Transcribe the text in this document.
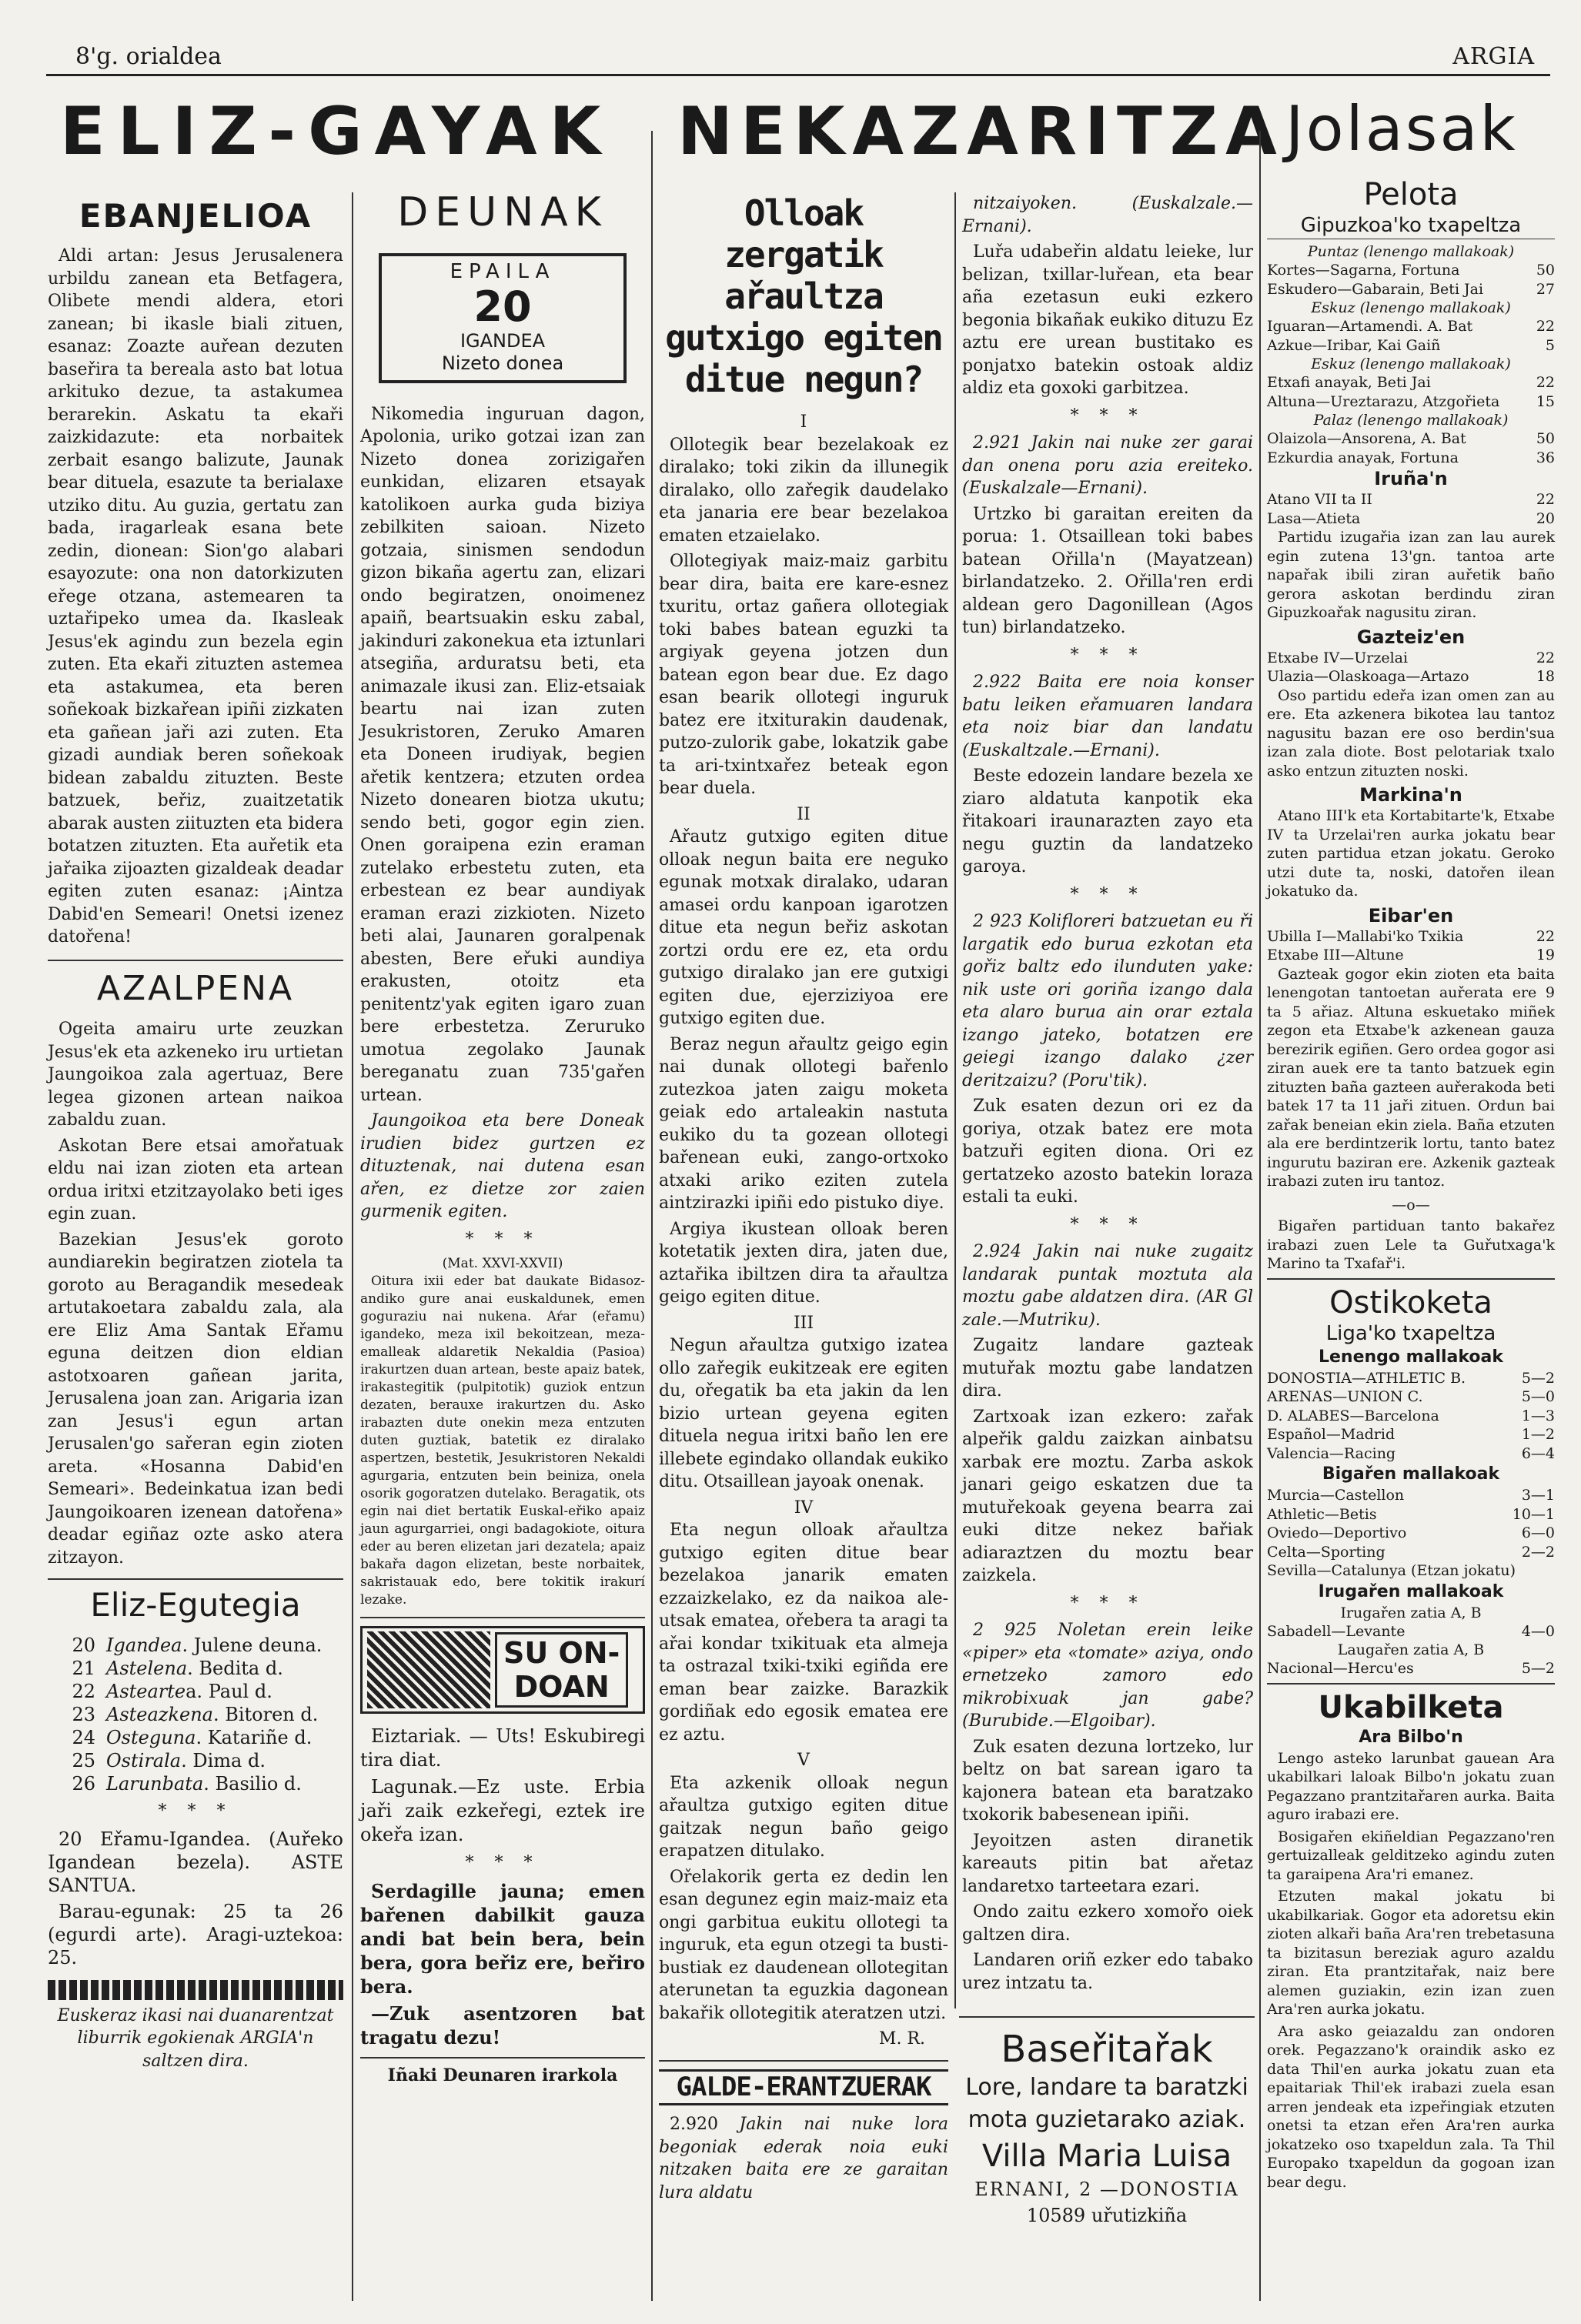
8'g. orialdea	ARGIA
ELIZ-GAYAK NEKAZARITZA Jolasak
EBANJELIOA

Aldi artan: Jesus Jerusalenera urbildu zanean eta Betfagera, Olibete mendi aldera, etori zanean; bi ikasle biali zituen, esanaz: Zoazte auřean dezuten baseřira ta bereala asto bat lotua arkituko dezue, ta astakumea berarekin. Askatu ta ekaři zaizkidazute: eta norbaitek zerbait esango balizute, Jaunak bear dituela, esazute ta berialaxe utziko ditu. Au guzia, gertatu zan bada, iragarleak esana bete zedin, dionean: Sion'go alabari esayozute: ona non datorkizuten eřege otzana, astemearen ta uztařipeko umea da. Ikasleak Jesus'ek agindu zun bezela egin zuten. Eta ekaři zituzten astemea eta astakumea, eta beren soñekoak bizkařean ipiñi zizkaten eta gañean jaři azi zuten. Eta gizadi aundiak beren soñekoak bidean zabaldu zituzten. Beste batzuek, beřiz, zuaitzetatik abarak austen ziituzten eta bidera botatzen zituzten. Eta auřetik eta jařaika zijoazten gizaldeak deadar egiten zuten esanaz: ¡Aintza Dabid'en Semeari! Onetsi izenez datořena!

AZALPENA

Ogeita amairu urte zeuzkan Jesus'ek eta azkeneko iru urtietan Jaungoikoa zala agertuaz, Bere legea gizonen artean naikoa zabaldu zuan.

Askotan Bere etsai amořatuak eldu nai izan zioten eta artean ordua iritxi etzitzayolako beti iges egin zuan.

Bazekian Jesus'ek goroto aundiarekin begiratzen ziotela ta goroto au Beragandik mesedeak artutakoetara zabaldu zala, ala ere Eliz Ama Santak Eřamu eguna deitzen dion eldian astotxoaren gañean jarita, Jerusalena joan zan. Arigaria izan zan Jesus'i egun artan Jerusalen'go sařeran egin zioten areta. «Hosanna Dabid'en Semeari». Bedeinkatua izan bedi Jaungoikoaren izenean datořena» deadar egiñaz ozte asko atera zitzayon.

Eliz-Egutegia
20 Igandea . Julene deuna.
21 Astelena . Bedita d.
22 Astearte a. Paul d.
23 Asteazkena . Bitoren d.
24 Osteguna . Katariñe d.
25 Ostirala . Dima d.
26 Larunbata . Basilio d.
* * *

20 Eřamu-Igandea. (Auřeko Igandean bezela). ASTE SANTUA.

Barau-egunak: 25 ta 26 (egurdi arte). Aragi-uztekoa: 25.

Euskeraz ikasi nai duanarentzat liburrik egokienak ARGIA'n saltzen dira.

DEUNAK
EPAILA
20
IGANDEA
Nizeto donea

Nikomedia inguruan dagon, Apolonia, uriko gotzai izan zan Nizeto donea zorizigařen eunkidan, elizaren etsayak katolikoen aurka guda biziya zebilkiten saioan. Nizeto gotzaia, sinismen sendodun gizon bikaña agertu zan, elizari ondo begiratzen, onoimenez apaiñ, beartsuakin esku zabal, jakinduri zakonekua eta iztunlari atsegiña, arduratsu beti, eta animazale ikusi zan. Eliz-etsaiak beartu nai izan zuten Jesukristoren, Zeruko Amaren eta Doneen irudiyak, begien ařetik kentzera; etzuten ordea Nizeto donearen biotza ukutu; sendo beti, gogor egin zien. Onen goraipena ezin eraman zutelako erbestetu zuten, eta erbestean ez bear aundiyak eraman erazi zizkioten. Nizeto beti alai, Jaunaren goralpenak abesten, Bere eřuki aundiya erakusten, otoitz eta penitentz'yak egiten igaro zuan bere erbestetza. Zeruruko umotua zegolako Jaunak bereganatu zuan 735'gařen urtean.

Jaungoikoa eta bere Doneak irudien bidez gurtzen ez dituztenak, nai dutena esan ařen, ez dietze zor zaien gurmenik egiten.

* * *
(Mat. XXVI-XXVII)

Oitura ixii eder bat daukate Bidasoz-andiko gure anai euskaldunek, emen goguraziu nai nukena. Aŕar (eřamu) igandeko, meza ixil bekoitzean, meza-emalleak aldaretik Nekaldia (Pasioa) irakurtzen duan artean, beste apaiz batek, irakastegitik (pulpitotik) guziok entzun dezaten, berauxe irakurtzen du. Asko irabazten dute onekin meza entzuten duten guztiak, batetik ez diralako aspertzen, bestetik, Jesukristoren Nekaldi agurgaria, entzuten bein beiniza, onela osorik gogoratzen dutelako. Beragatik, ots egin nai diet bertatik Euskal-eřiko apaiz jaun agurgarriei, ongi badagokiote, oitura eder au beren elizetan jari dezatela; apaiz bakařa dagon elizetan, beste norbaitek, sakristauak edo, bere tokitik irakurí lezake.

SU ON-
DOAN

Eiztariak. — Uts! Eskubiregi tira diat.

Lagunak.—Ez uste. Erbia jaři zaik ezkeřegi, eztek ire okeřa izan.

* * *

Serdagille jauna; emen bařenen dabilkit gauza andi bat bein bera, bein bera, gora beřiz ere, beřiro bera.

—Zuk asentzoren bat tragatu dezu!

Iñaki Deunaren irarkola
Olloak zergatik ařaultza gutxigo egiten ditue negun?
I

Ollotegik bear bezelakoak ez diralako; toki zikin da illunegik diralako, ollo zařegik daudelako eta janaria ere bear bezelakoa ematen etzaielako.

Ollotegiyak maiz-maiz garbitu bear dira, baita ere kare-esnez txuritu, ortaz gañera ollotegiak toki babes batean eguzki ta argiyak geyena jotzen dun batean egon bear due. Ez dago esan bearik ollotegi inguruk batez ere itxiturakin daudenak, putzo-zulorik gabe, lokatzik gabe ta ari-txintxařez beteak egon bear duela.

II

Ařautz gutxigo egiten ditue olloak negun baita ere neguko egunak motxak diralako, udaran amasei ordu kanpoan igarotzen ditue eta negun beřiz askotan zortzi ordu ere ez, eta ordu gutxigo diralako jan ere gutxigi egiten due, ejerziziyoa ere gutxigo egiten due.

Beraz negun ařaultz geigo egin nai dunak ollotegi bařenlo zutezkoa jaten zaigu moketa geiak edo artaleakin nastuta eukiko du ta gozean ollotegi bařenean euki, zango-ortxoko atxaki ariko eziten zutela aintzirazki ipiñi edo pistuko diye.

Argiya ikustean olloak beren kotetatik jexten dira, jaten due, aztařika ibiltzen dira ta ařaultza geigo egiten ditue.

III

Negun ařaultza gutxigo izatea ollo zařegik eukitzeak ere egiten du, ořegatik ba eta jakin da len bizio urtean geyena egiten dituela negua iritxi baño len ere illebete egindako ollandak eukiko ditu. Otsaillean jayoak onenak.

IV

Eta negun olloak ařaultza gutxigo egiten ditue bear bezelakoa janarik ematen ezzaizkelako, ez da naikoa ale-utsak ematea, ořebera ta aragi ta ařai kondar txikituak eta almeja ta ostrazal txiki-txiki egiñda ere eman bear zaizke. Barazkik gordiñak edo egosik ematea ere ez aztu.

V

Eta azkenik olloak negun ařaultza gutxigo egiten ditue gaitzak negun baño geigo erapatzen ditulako.

Ořelakorik gerta ez dedin len esan degunez egin maiz-maiz eta ongi garbitua eukitu ollotegi ta inguruk, eta egun otzegi ta busti-bustiak ez daudenean ollotegitan aterunetan ta eguzkia dagonean bakařik ollotegitik ateratzen utzi.

M. R.
GALDE-ERANTZUERAK

2.920 Jakin nai nuke lora begoniak ederak noia euki nitzaken baita ere ze garaitan lura aldatu

nitzaiyoken. (Euskalzale.—Ernani).

Luřa udabeřin aldatu leieke, lur belizan, txillar-luřean, eta bear aña ezetasun euki ezkero begonia bikañak eukiko dituzu Ez aztu ere urean bustitako es ponjatxo batekin ostoak aldiz aldiz eta goxoki garbitzea.

* * *

2.921 Jakin nai nuke zer garai dan onena poru azia ereiteko. (Euskalzale—Ernani).

Urtzko bi garaitan ereiten da porua: 1. Otsaillean toki babes batean Ořilla'n (Mayatzean) birlandatzeko. 2. Ořilla'ren erdi aldean gero Dagonillean (Agos tun) birlandatzeko.

* * *

2.922 Baita ere noia konser batu leiken eřamuaren landara eta noiz biar dan landatu (Euskaltzale.—Ernani).

Beste edozein landare bezela xe ziaro aldatuta kanpotik eka řitakoari iraunarazten zayo eta negu guztin da landatzeko garoya.

* * *

2 923 Kolifloreri batzuetan eu ři largatik edo burua ezkotan eta gořiz baltz edo ilunduten yake: nik uste ori goriña izango dala eta alaro burua ain orar eztala izango jateko, botatzen ere geiegi izango dalako ¿zer deritzaizu? (Poru'tik).

Zuk esaten dezun ori ez da goriya, otzak batez ere mota batzuři egiten diona. Ori ez gertatzeko azosto batekin loraza estali ta euki.

* * *

2.924 Jakin nai nuke zugaitz landarak puntak moztuta ala moztu gabe aldatzen dira. (AR Gl zale.—Mutriku).

Zugaitz landare gazteak mutuřak moztu gabe landatzen dira.

Zartxoak izan ezkero: zařak alpeřik galdu zaizkan ainbatsu xarbak ere moztu. Zarba askok janari geigo eskatzen due ta mutuřekoak geyena bearra zai euki ditze nekez bařiak adiaraztzen du moztu bear zaizkela.

* * *

2 925 Noletan erein leike «piper» eta «tomate» aziya, ondo ernetzeko zamoro edo mikrobixuak jan gabe? (Burubide.—Elgoibar).

Zuk esaten dezuna lortzeko, lur beltz on bat sarean igaro ta kajonera batean eta baratzako txokorik babesenean ipiñi.

Jeyoitzen asten diranetik kareauts pitin bat ařetaz landaretxo tarteetara ezari.

Ondo zaitu ezkero xomořo oiek galtzen dira.

Landaren oriñ ezker edo tabako urez intzatu ta.

Baseřitařak
Lore, landare ta baratzki
mota guzietarako aziak.
Villa Maria Luisa
ERNANI, 2 —DONOSTIA
10589 uřutizkiña
Pelota
Gipuzkoa'ko txapeltza
Puntaz (lenengo mallakoak)
Kortes—Sagarna, Fortuna	50
Eskudero—Gabarain, Beti Jai	27
Eskuz (lenengo mallakoak)
Iguaran—Artamendi. A. Bat	22
Azkue—Iribar, Kai Gaiñ	5
Eskuz (lenengo mallakoak)
Etxafi anayak, Beti Jai	22
Altuna—Ureztarazu, Atzgořieta	15
Palaz (lenengo mallakoak)
Olaizola—Ansorena, A. Bat	50
Ezkurdia anayak, Fortuna	36
Iruña'n
Atano VII ta II	22
Lasa—Atieta	20

Partidu izugařia izan zan lau aurek egin zutena 13'gn. tantoa arte napařak ibili ziran auřetik baño gerora askotan berdindu ziran Gipuzkoařak nagusitu ziran.

Gazteiz'en
Etxabe IV—Urzelai	22
Ulazia—Olaskoaga—Artazo	18

Oso partidu edeřa izan omen zan au ere. Eta azkenera bikotea lau tantoz nagusitu bazan ere oso berdin'sua izan zala diote. Bost pelotariak txalo asko entzun zituzten noski.

Markina'n

Atano III'k eta Kortabitarte'k, Etxabe IV ta Urzelai'ren aurka jokatu bear zuten partidua etzan jokatu. Geroko utzi dute ta, noski, datořen ilean jokatuko da.

Eibar'en
Ubilla I—Mallabi'ko Txikia	22
Etxabe III—Altune	19

Gazteak gogor ekin zioten eta baita lenengotan tantoetan auřerata ere 9 ta 5 ařiaz. Altuna eskuetako miñek zegon eta Etxabe'k azkenean gauza berezirik egiñen. Gero ordea gogor asi ziran auek ere ta tanto batzuek egin zituzten baña gazteen auřerakoda beti batek 17 ta 11 jaři zituen. Ordun bai zařak beneian ekin ziela. Baña etzuten ala ere berdintzerik lortu, tanto batez ingurutu baziran ere. Azkenik gazteak irabazi zuten iru tantoz.

—o—

Bigařen partiduan tanto bakařez irabazi zuen Lele ta Guřutxaga'k Marino ta Txafař'i.

Ostikoketa
Liga'ko txapeltza
Lenengo mallakoak
DONOSTIA—ATHLETIC B.	5—2
ARENAS—UNION C.	5—0
D. ALABES—Barcelona	1—3
Español—Madrid	1—2
Valencia—Racing	6—4
Bigařen mallakoak
Murcia—Castellon	3—1
Athletic—Betis	10—1
Oviedo—Deportivo	6—0
Celta—Sporting	2—2
Sevilla—Catalunya (Etzan jokatu)
Irugařen mallakoak
Irugařen zatia A, B
Sabadell—Levante	4—0
Laugařen zatia A, B
Nacional—Hercu'es	5—2
Ukabilketa
Ara Bilbo'n

Lengo asteko larunbat gauean Ara ukabilkari laloak Bilbo'n jokatu zuan Pegazzano prantzitařaren aurka. Baita aguro irabazi ere.

Bosigařen ekiñeldian Pegazzano'ren gertuizalleak gelditzeko agindu zuten ta garaipena Ara'ri emanez.

Etzuten makal jokatu bi ukabilkariak. Gogor eta adoretsu ekin zioten alkaři baña Ara'ren trebetasuna ta bizitasun bereziak aguro azaldu ziran. Eta prantzitařak, naiz bere alemen guziakin, ezin izan zuen Ara'ren aurka jokatu.

Ara asko geiazaldu zan ondoren orek. Pegazzano'k oraindik asko ez data Thil'en aurka jokatu zuan eta epaitariak Thil'ek irabazi zuela esan arren jendeak eta izpeřingiak etzuten onetsi ta etzan eřen Ara'ren aurka jokatzeko oso txapeldun zala. Ta Thil Europako txapeldun da gogoan izan bear degu.
